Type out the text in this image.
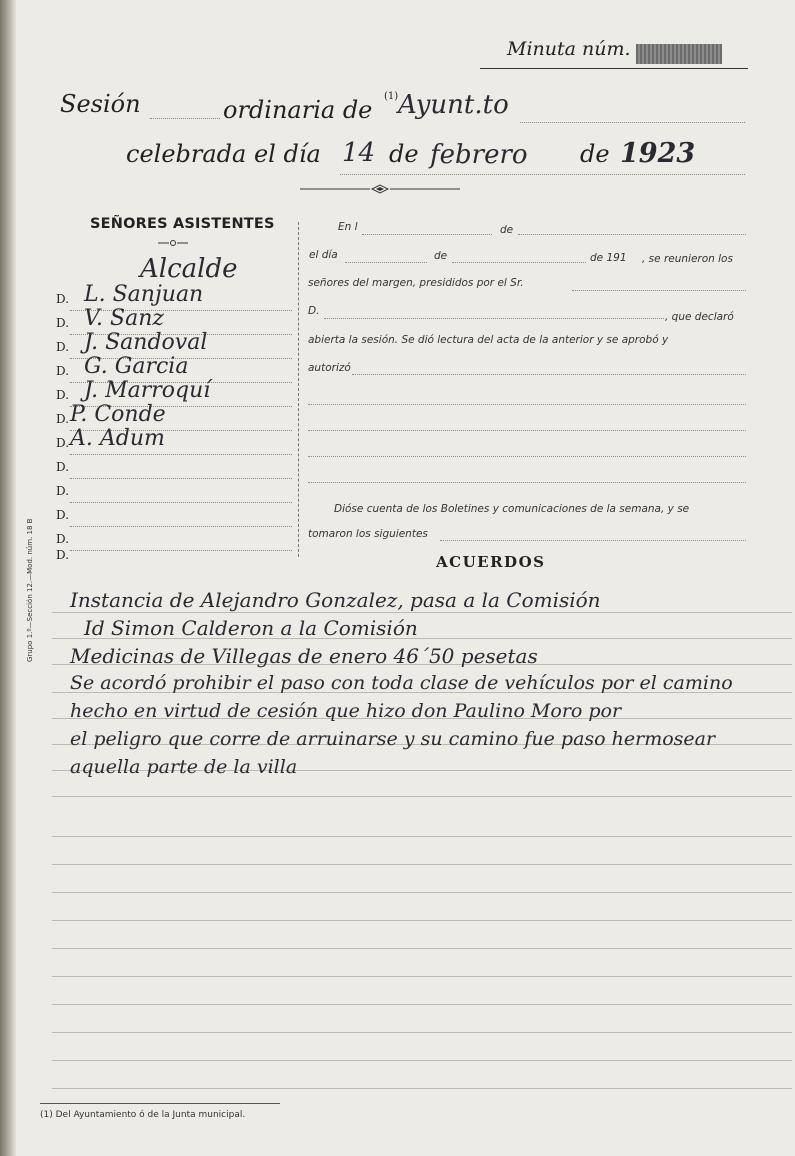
Minuta núm.
Sesión	ordinaria de (1) Ayunt.to
celebrada el día 14 de febrero de 1923
SEÑORES ASISTENTES
Alcalde
D. L. Sanjuan
D. V. Sanz
D. J. Sandoval
D. G. Garcia
D. J. Marroquí
D. P. Conde
D. A. Adum
D.
D.
D.
D.
D.
En l	de
el día	de	de 191 , se reunieron los
señores del margen, presididos por el Sr.
D.	, que declaró
abierta la sesión. Se dió lectura del acta de la anterior y se aprobó y
autorizó
Dióse cuenta de los Boletines y comunicaciones de la semana, y se
tomaron los siguientes
ACUERDOS
Instancia de Alejandro Gonzalez, pasa a la Comisión
Id Simon Calderon a la Comisión
Medicinas de Villegas de enero 46´50 pesetas
Se acordó prohibir el paso con toda clase de vehículos por el camino
hecho en virtud de cesión que hizo don Paulino Moro por
el peligro que corre de arruinarse y su camino fue paso hermosear
aquella parte de la villa
Grupo 1.º—Sección 12.—Mod. núm. 18 B
(1) Del Ayuntamiento ó de la Junta municipal.
